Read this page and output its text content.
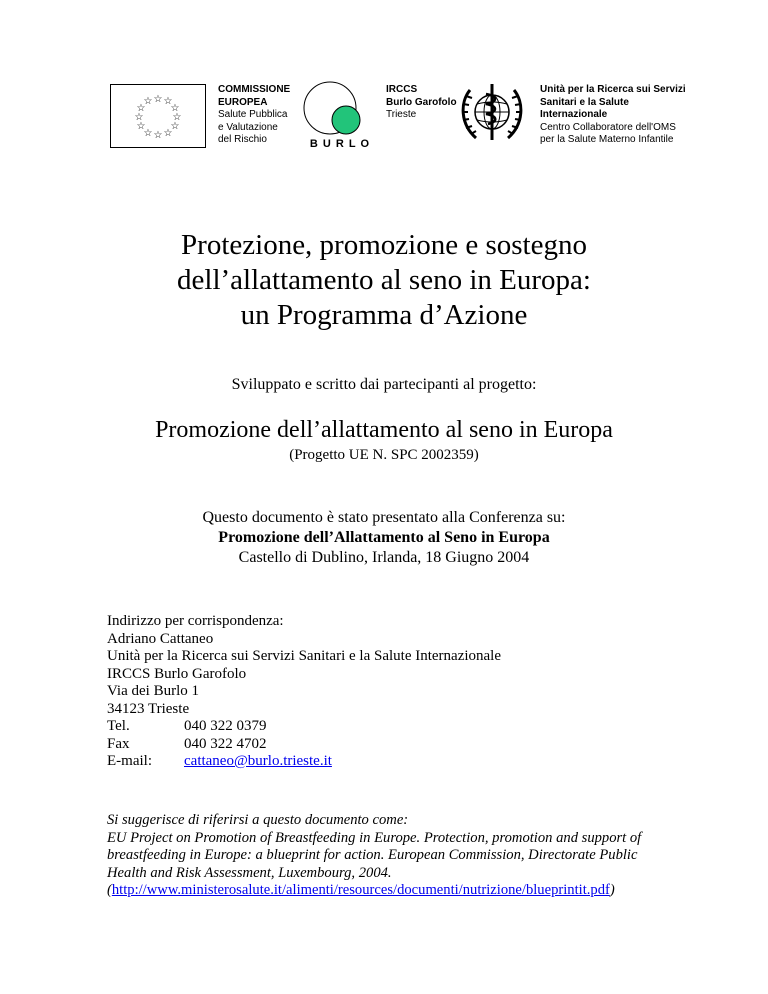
☆ ☆
☆
☆
☆
☆
☆
☆
☆
☆
☆
☆
COMMISSIONE
EUROPEA
Salute Pubblica
e Valutazione
del Rischio	B U R L O
IRCCS
Burlo Garofolo
Trieste
Unità per la Ricerca sui Servizi
Sanitari e la Salute
Internazionale
Centro Collaboratore dell'OMS
per la Salute Materno Infantile
Protezione, promozione e sostegno
dell’allattamento al seno in Europa:
un Programma d’Azione
Sviluppato e scritto dai partecipanti al progetto:
Promozione dell’allattamento al seno in Europa
(Progetto UE N. SPC 2002359)
Questo documento è stato presentato alla Conferenza su:
Promozione dell’Allattamento al Seno in Europa
Castello di Dublino, Irlanda, 18 Giugno 2004
Indirizzo per corrispondenza:
Adriano Cattaneo
Unità per la Ricerca sui Servizi Sanitari e la Salute Internazionale
IRCCS Burlo Garofolo
Via dei Burlo 1
34123 Trieste
Tel.	040 322 0379
Fax	040 322 4702
E-mail: cattaneo@burlo.trieste.it
Si suggerisce di riferirsi a questo documento come:
EU Project on Promotion of Breastfeeding in Europe. Protection, promotion and support of
breastfeeding in Europe: a blueprint for action. European Commission, Directorate Public
Health and Risk Assessment, Luxembourg, 2004.
(http://www.ministerosalute.it/alimenti/resources/documenti/nutrizione/blueprintit.pdf)
